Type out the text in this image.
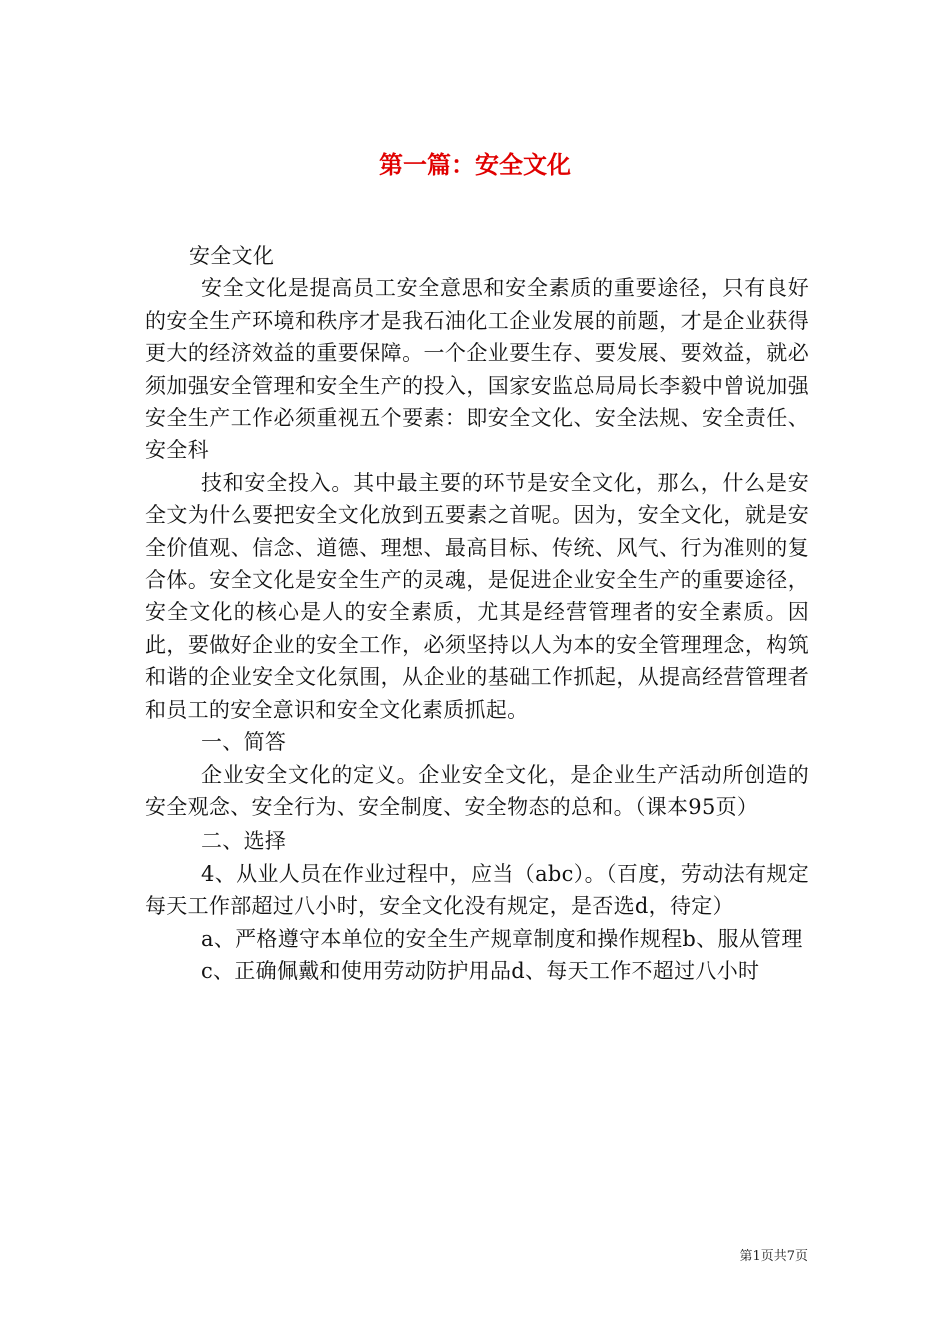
第一篇：安全文化

安全文化

安全文化是提高员工安全意思和安全素质的重要途径，只有良好的安全生产环境和秩序才是我石油化工企业发展的前题，才是企业获得更大的经济效益的重要保障。一个企业要生存、要发展、要效益，就必须加强安全管理和安全生产的投入，国家安监总局局长李毅中曾说加强安全生产工作必须重视五个要素：即安全文化、安全法规、安全责任、安全科

技和安全投入。其中最主要的环节是安全文化，那么，什么是安全文为什么要把安全文化放到五要素之首呢。因为，安全文化，就是安全价值观、信念、道德、理想、最高目标、传统、风气、行为准则的复合体。安全文化是安全生产的灵魂，是促进企业安全生产的重要途径，安全文化的核心是人的安全素质，尤其是经营管理者的安全素质。因此，要做好企业的安全工作，必须坚持以人为本的安全管理理念，构筑和谐的企业安全文化氛围，从企业的基础工作抓起，从提高经营管理者和员工的安全意识和安全文化素质抓起。

一、简答

企业安全文化的定义。企业安全文化，是企业生产活动所创造的安全观念、安全行为、安全制度、安全物态的总和。（课本95页）

二、选择

4、从业人员在作业过程中，应当（abc）。（百度，劳动法有规定每天工作部超过八小时，安全文化没有规定，是否选d，待定）

a、严格遵守本单位的安全生产规章制度和操作规程b、服从管理

c、正确佩戴和使用劳动防护用品d、每天工作不超过八小时

第1页共7页
